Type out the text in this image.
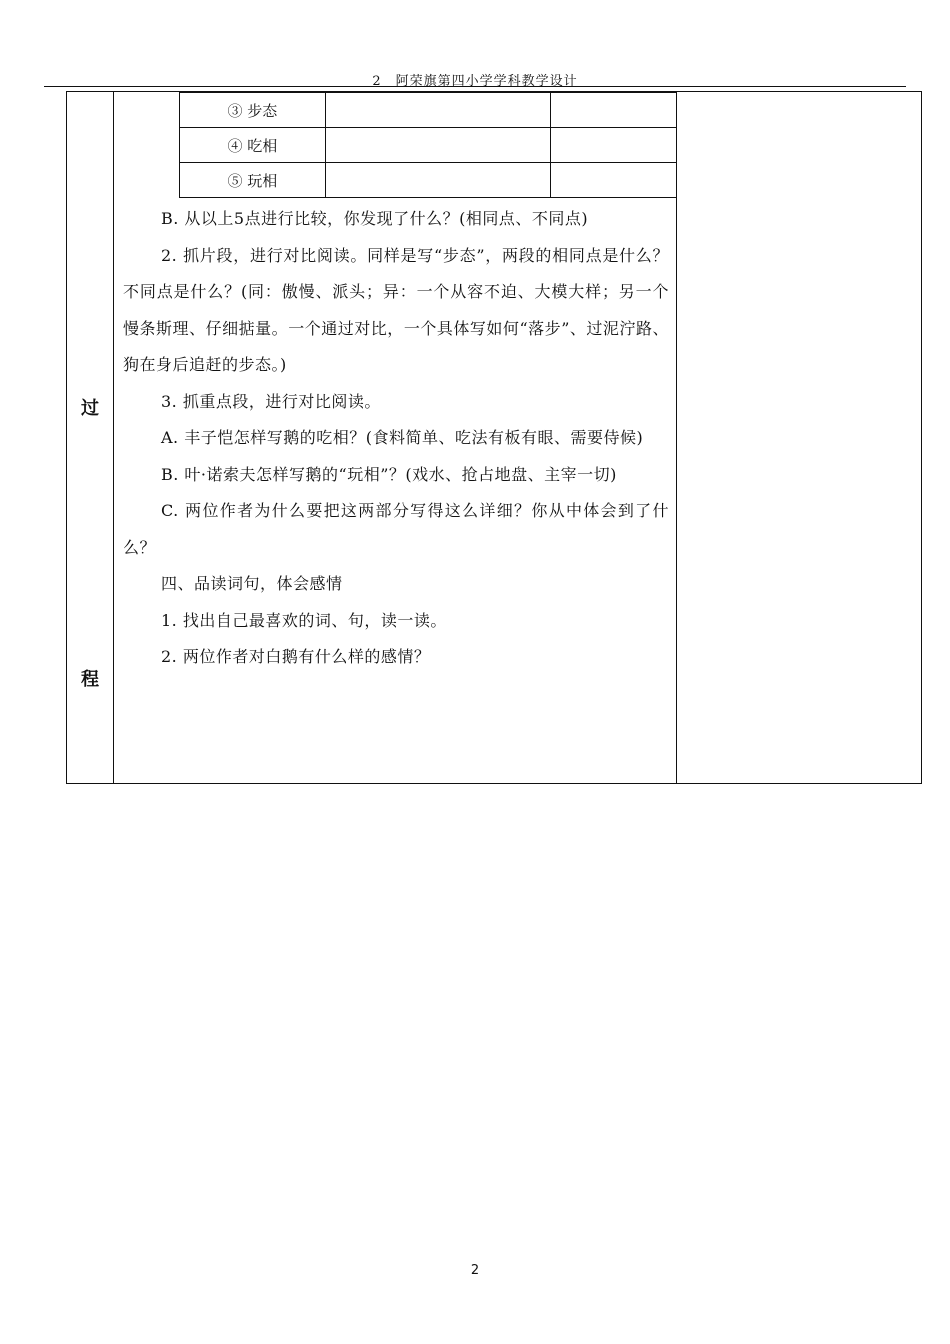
2　阿荣旗第四小学学科教学设计
过
程
③ 步态		
④ 吃相		
⑤ 玩相		

B. 从以上5点进行比较，你发现了什么？(相同点、不同点)

2. 抓片段，进行对比阅读。同样是写“步态”，两段的相同点是什么？不同点是什么？(同：傲慢、派头；异：一个从容不迫、大模大样；另一个慢条斯理、仔细掂量。一个通过对比，一个具体写如何“落步”、过泥泞路、狗在身后追赶的步态。)

3. 抓重点段，进行对比阅读。

A. 丰子恺怎样写鹅的吃相？(食料简单、吃法有板有眼、需要侍候)

B. 叶·诺索夫怎样写鹅的“玩相”？(戏水、抢占地盘、主宰一切)

C. 两位作者为什么要把这两部分写得这么详细？你从中体会到了什么？

四、品读词句，体会感情

1. 找出自己最喜欢的词、句，读一读。

2. 两位作者对白鹅有什么样的感情？

2
